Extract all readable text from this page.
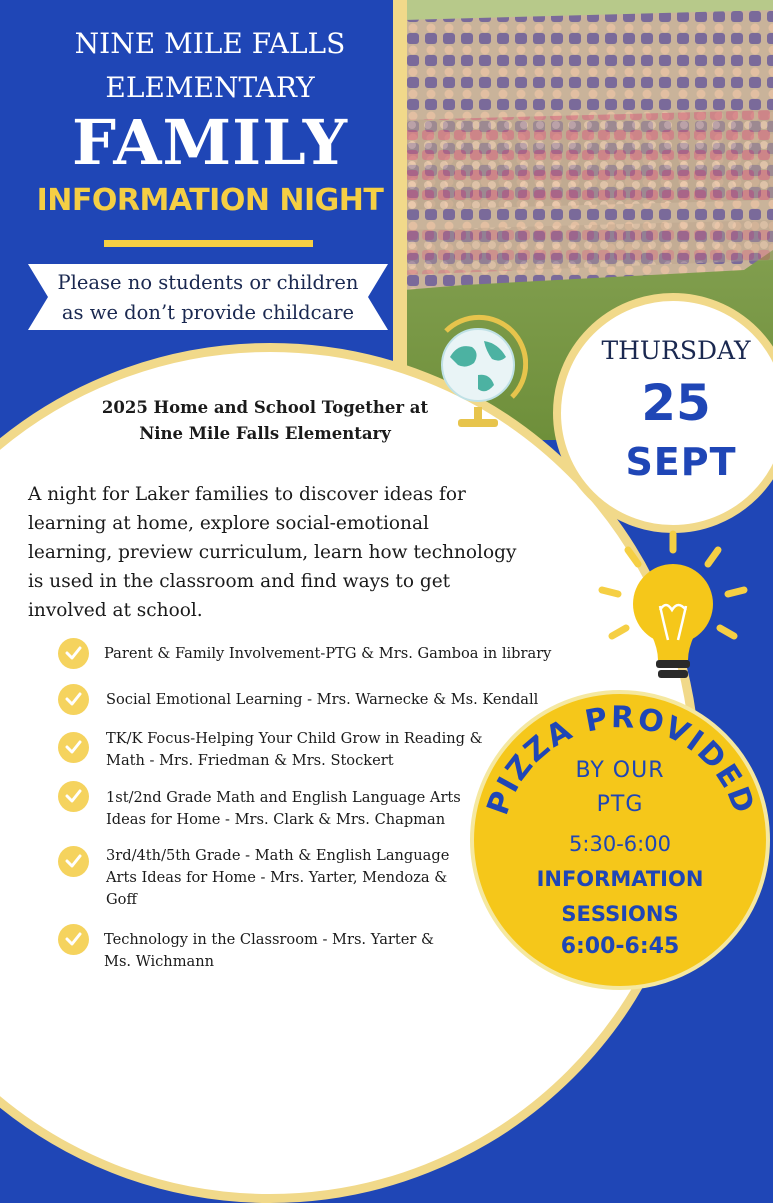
NINE MILE FALLS
ELEMENTARY
FAMILY
INFORMATION NIGHT
Please no students or children
as we don’t provide childcare
THURSDAY
25
SEPT
2025 Home and School Together at
Nine Mile Falls Elementary
A night for Laker families to discover ideas for learning at home, explore social-emotional learning, preview curriculum, learn how technology is used in the classroom and find ways to get involved at school.
Parent & Family Involvement-PTG & Mrs. Gamboa in library
Social Emotional Learning - Mrs. Warnecke & Ms. Kendall
TK/K Focus-Helping Your Child Grow in Reading &
Math - Mrs. Friedman & Mrs. Stockert
1st/2nd Grade Math and English Language Arts
Ideas for Home - Mrs. Clark & Mrs. Chapman
3rd/4th/5th Grade - Math & English Language
Arts Ideas for Home - Mrs. Yarter, Mendoza &
Goff
Technology in the Classroom - Mrs. Yarter &
Ms. Wichmann
PIZZA PROVIDED
BY OUR
PTG
5:30-6:00
INFORMATION
SESSIONS
6:00-6:45
